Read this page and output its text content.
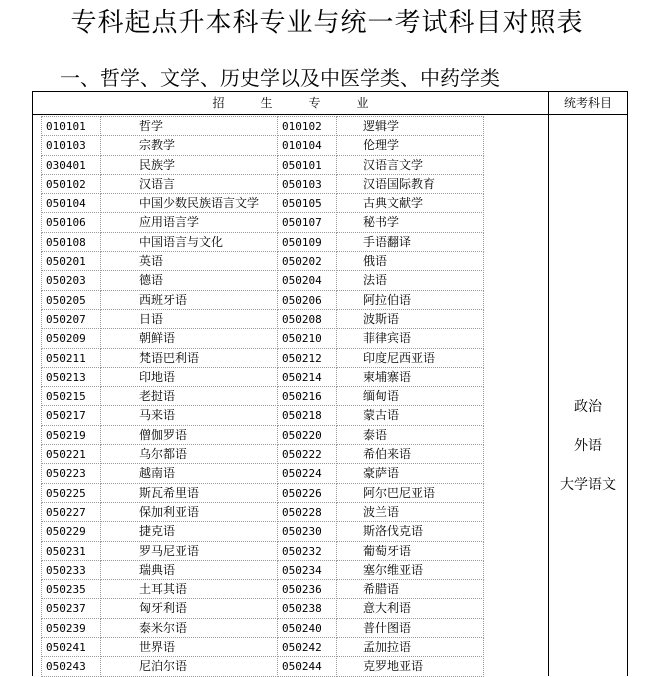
专科起点升本科专业与统一考试科目对照表
一、哲学、文学、历史学以及中医学类、中药学类
招生专业	统考科目
010101	哲学	010102	逻辑学
010103	宗教学	010104	伦理学
030401	民族学	050101	汉语言文学
050102	汉语言	050103	汉语国际教育
050104	中国少数民族语言文学	050105	古典文献学
050106	应用语言学	050107	秘书学
050108	中国语言与文化	050109	手语翻译
050201	英语	050202	俄语
050203	德语	050204	法语
050205	西班牙语	050206	阿拉伯语
050207	日语	050208	波斯语
050209	朝鲜语	050210	菲律宾语
050211	梵语巴利语	050212	印度尼西亚语
050213	印地语	050214	柬埔寨语
050215	老挝语	050216	缅甸语
050217	马来语	050218	蒙古语
050219	僧伽罗语	050220	泰语
050221	乌尔都语	050222	希伯来语
050223	越南语	050224	豪萨语
050225	斯瓦希里语	050226	阿尔巴尼亚语
050227	保加利亚语	050228	波兰语
050229	捷克语	050230	斯洛伐克语
050231	罗马尼亚语	050232	葡萄牙语
050233	瑞典语	050234	塞尔维亚语
050235	土耳其语	050236	希腊语
050237	匈牙利语	050238	意大利语
050239	泰米尔语	050240	普什图语
050241	世界语	050242	孟加拉语
050243	尼泊尔语	050244	克罗地亚语
政治
外语
大学语文
